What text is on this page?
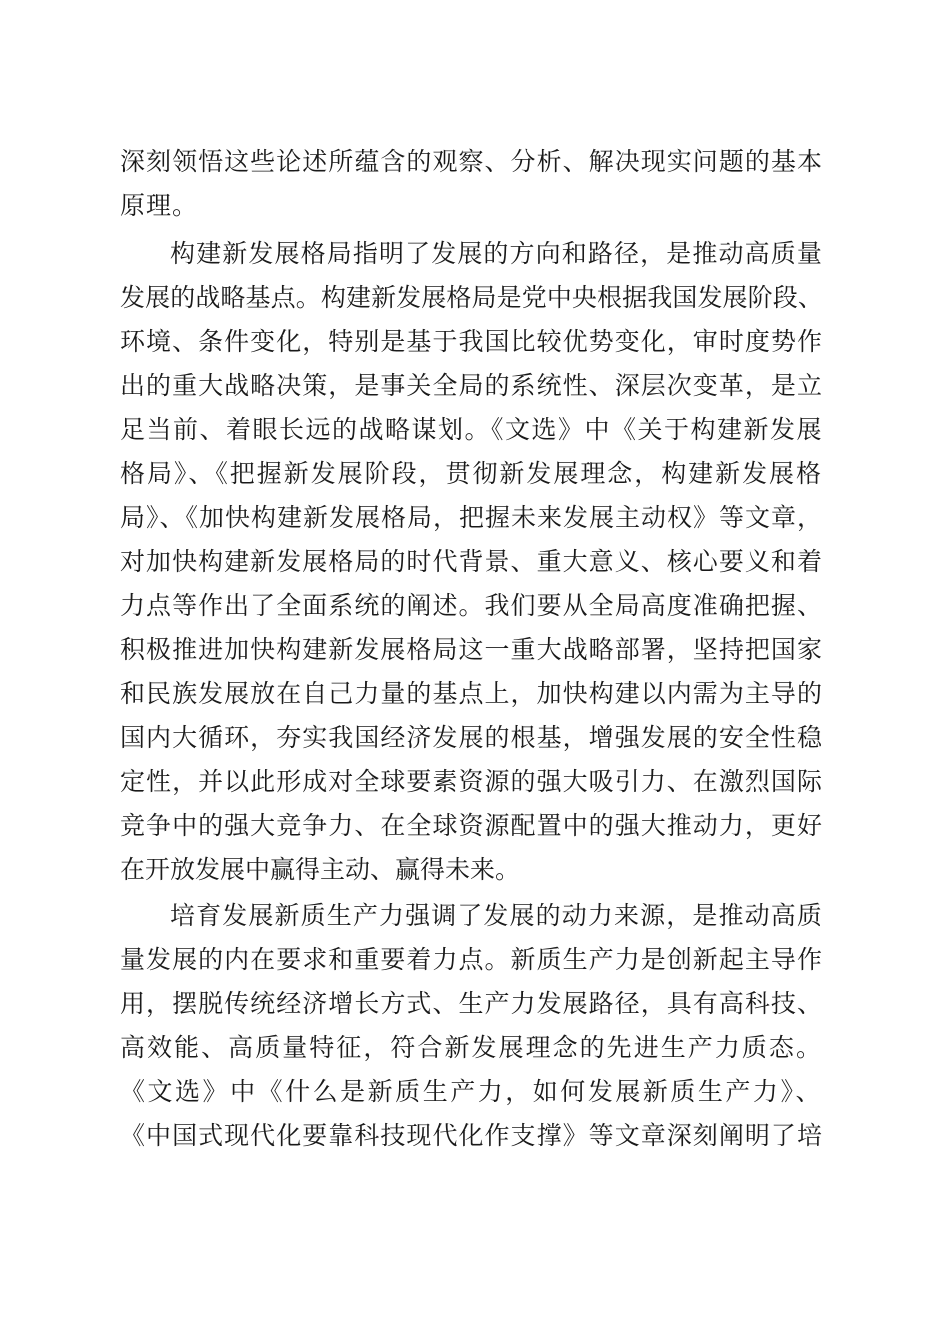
深刻领悟这些论述所蕴含的观察、分析、解决现实问题的基本
原理。
构建新发展格局指明了发展的方向和路径，是推动高质量
发展的战略基点。构建新发展格局是党中央根据我国发展阶段、
环境、条件变化，特别是基于我国比较优势变化，审时度势作
出的重大战略决策，是事关全局的系统性、深层次变革，是立
足当前、着眼长远的战略谋划。《文选》中《关于构建新发展
格局》、《把握新发展阶段，贯彻新发展理念，构建新发展格
局》、《加快构建新发展格局，把握未来发展主动权》等文章，
对加快构建新发展格局的时代背景、重大意义、核心要义和着
力点等作出了全面系统的阐述。我们要从全局高度准确把握、
积极推进加快构建新发展格局这一重大战略部署，坚持把国家
和民族发展放在自己力量的基点上，加快构建以内需为主导的
国内大循环，夯实我国经济发展的根基，增强发展的安全性稳
定性，并以此形成对全球要素资源的强大吸引力、在激烈国际
竞争中的强大竞争力、在全球资源配置中的强大推动力，更好
在开放发展中赢得主动、赢得未来。
培育发展新质生产力强调了发展的动力来源，是推动高质
量发展的内在要求和重要着力点。新质生产力是创新起主导作
用，摆脱传统经济增长方式、生产力发展路径，具有高科技、
高效能、高质量特征，符合新发展理念的先进生产力质态。
《文选》中《什么是新质生产力，如何发展新质生产力》、
《中国式现代化要靠科技现代化作支撑》等文章深刻阐明了培
